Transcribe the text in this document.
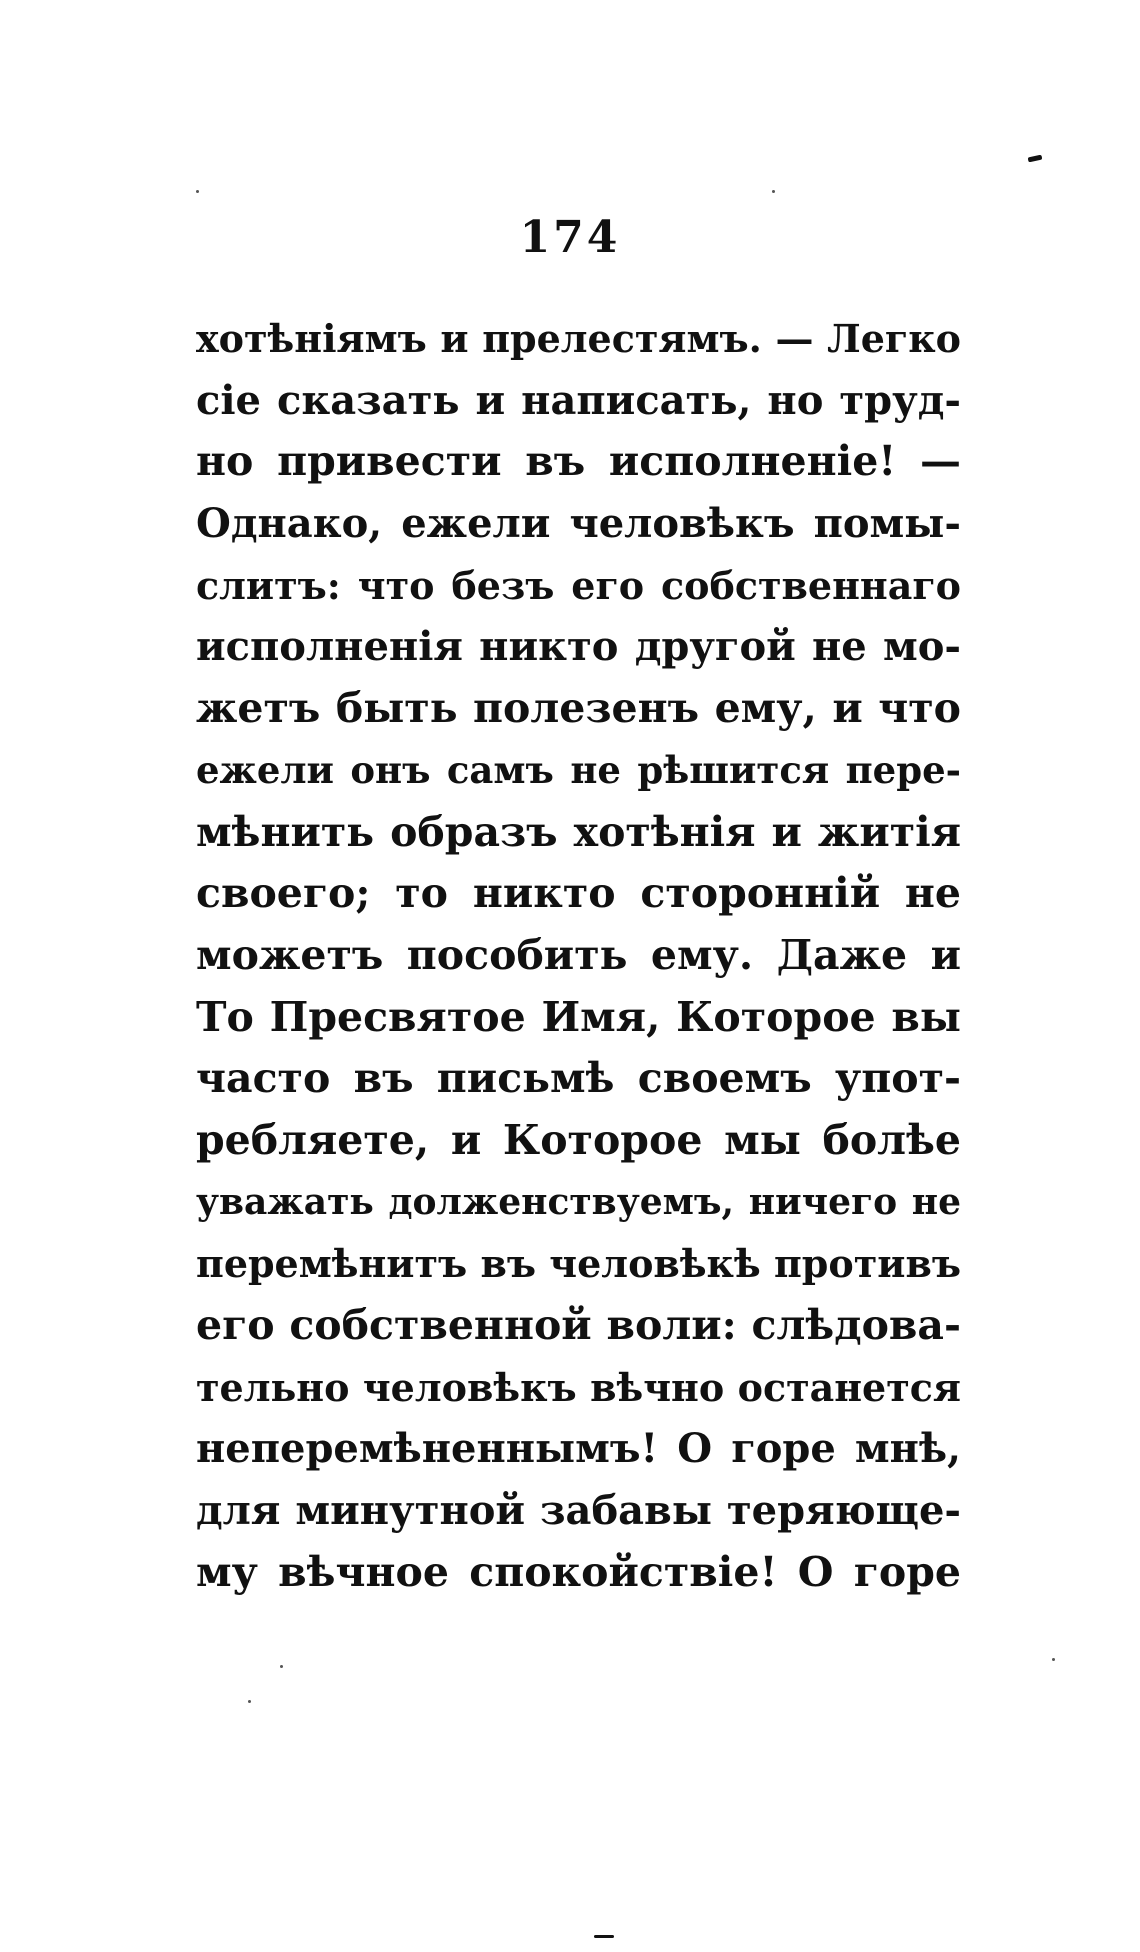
174
хотѣніямъ и прелестямъ. — Легко
сіе сказать и написать, но труд-
но привести въ исполненіе! —
Однако, ежели человѣкъ помы-
слитъ: что безъ его собственнаго
исполненія никто другой не мо-
жетъ быть полезенъ ему, и что
ежели онъ самъ не рѣшится пере-
мѣнить образъ хотѣнія и житія
своего; то никто сторонній не
можетъ пособить ему. Даже и
То Пресвятое Имя, Которое вы
часто въ письмѣ своемъ упот-
ребляете, и Которое мы болѣе
уважать долженствуемъ, ничего не
перемѣнитъ въ человѣкѣ противъ
его собственной воли: слѣдова-
тельно человѣкъ вѣчно останется
неперемѣненнымъ! О горе мнѣ,
для минутной забавы теряюще-
му вѣчное спокойствіе! О горе
